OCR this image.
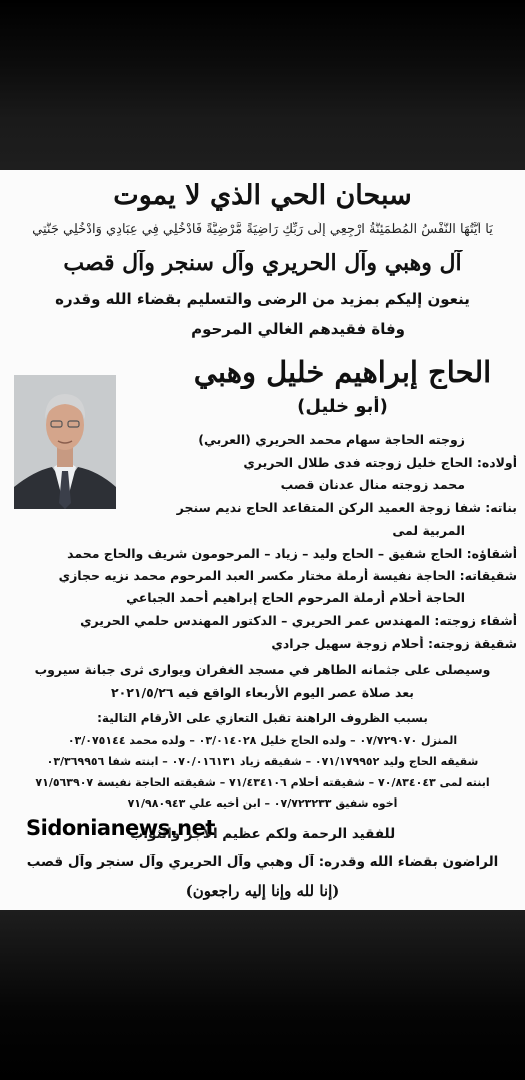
سبحان الحي الذي لا يموت
يَا أَيَّتُهَا النَّفْسُ الْمُطْمَئِنَّةُ ارْجِعِي إِلَى رَبِّكِ رَاضِيَةً مَّرْضِيَّةً فَادْخُلِي فِي عِبَادِي وَادْخُلِي جَنَّتِي
آل وهبي وآل الحريري وآل سنجر وآل قصب
ينعون إليكم بمزيد من الرضى والتسليم بقضاء الله وقدره
وفاة فقيدهم الغالي المرحوم
الحاج إبراهيم خليل وهبي
(أبو خليل)
زوجته الحاجة سهام محمد الحريري (العربي)
أولاده: الحاج خليل زوجته فدى طلال الحريري
محمد زوجته منال عدنان قصب
بناته: شفا زوجة العميد الركن المتقاعد الحاج نديم سنجر
المربية لمى
أشقاؤه: الحاج شفيق – الحاج وليد – زياد – المرحومون شريف والحاج محمد
شقيقاته: الحاجة نفيسة أرملة مختار مكسر العبد المرحوم محمد نزيه حجازي
الحاجة أحلام أرملة المرحوم الحاج إبراهيم أحمد الجباعي
أشقاء زوجته: المهندس عمر الحريري – الدكتور المهندس حلمي الحريري
شقيقة زوجته: أحلام زوجة سهيل جرادي
وسيصلى على جثمانه الطاهر في مسجد الغفران ويوارى ثرى جبانة سيروب
بعد صلاة عصر اليوم الأربعاء الواقع فيه ٢٠٢١/٥/٢٦
بسبب الظروف الراهنة تقبل التعازي على الأرقام التالية:
المنزل ٠٧/٧٢٩٠٧٠ – ولده الحاج خليل ٠٣/٠١٤٠٢٨ – ولده محمد ٠٣/٠٧٥١٤٤
شقيقه الحاج وليد ٠٧١/١٧٩٩٥٢ – شقيقه زياد ٠٧٠/٠١٦١٣١ – ابنته شفا ٠٣/٣٦٩٩٥٦
ابنته لمى ٧٠/٨٣٤٠٤٣ – شقيقته أحلام ٧١/٤٣٤١٠٦ – شقيقته الحاجة نفيسة ٧١/٥٦٣٩٠٧
أخوه شفيق ٠٧/٧٢٣٢٣٣ – ابن أخيه علي ٧١/٩٨٠٩٤٣
للفقيد الرحمة ولكم عظيم الأجر والثواب
الراضون بقضاء الله وقدره: آل وهبي وآل الحريري وآل سنجر وآل قصب
(إنا لله وإنا إليه راجعون)
Sidonianews.net
